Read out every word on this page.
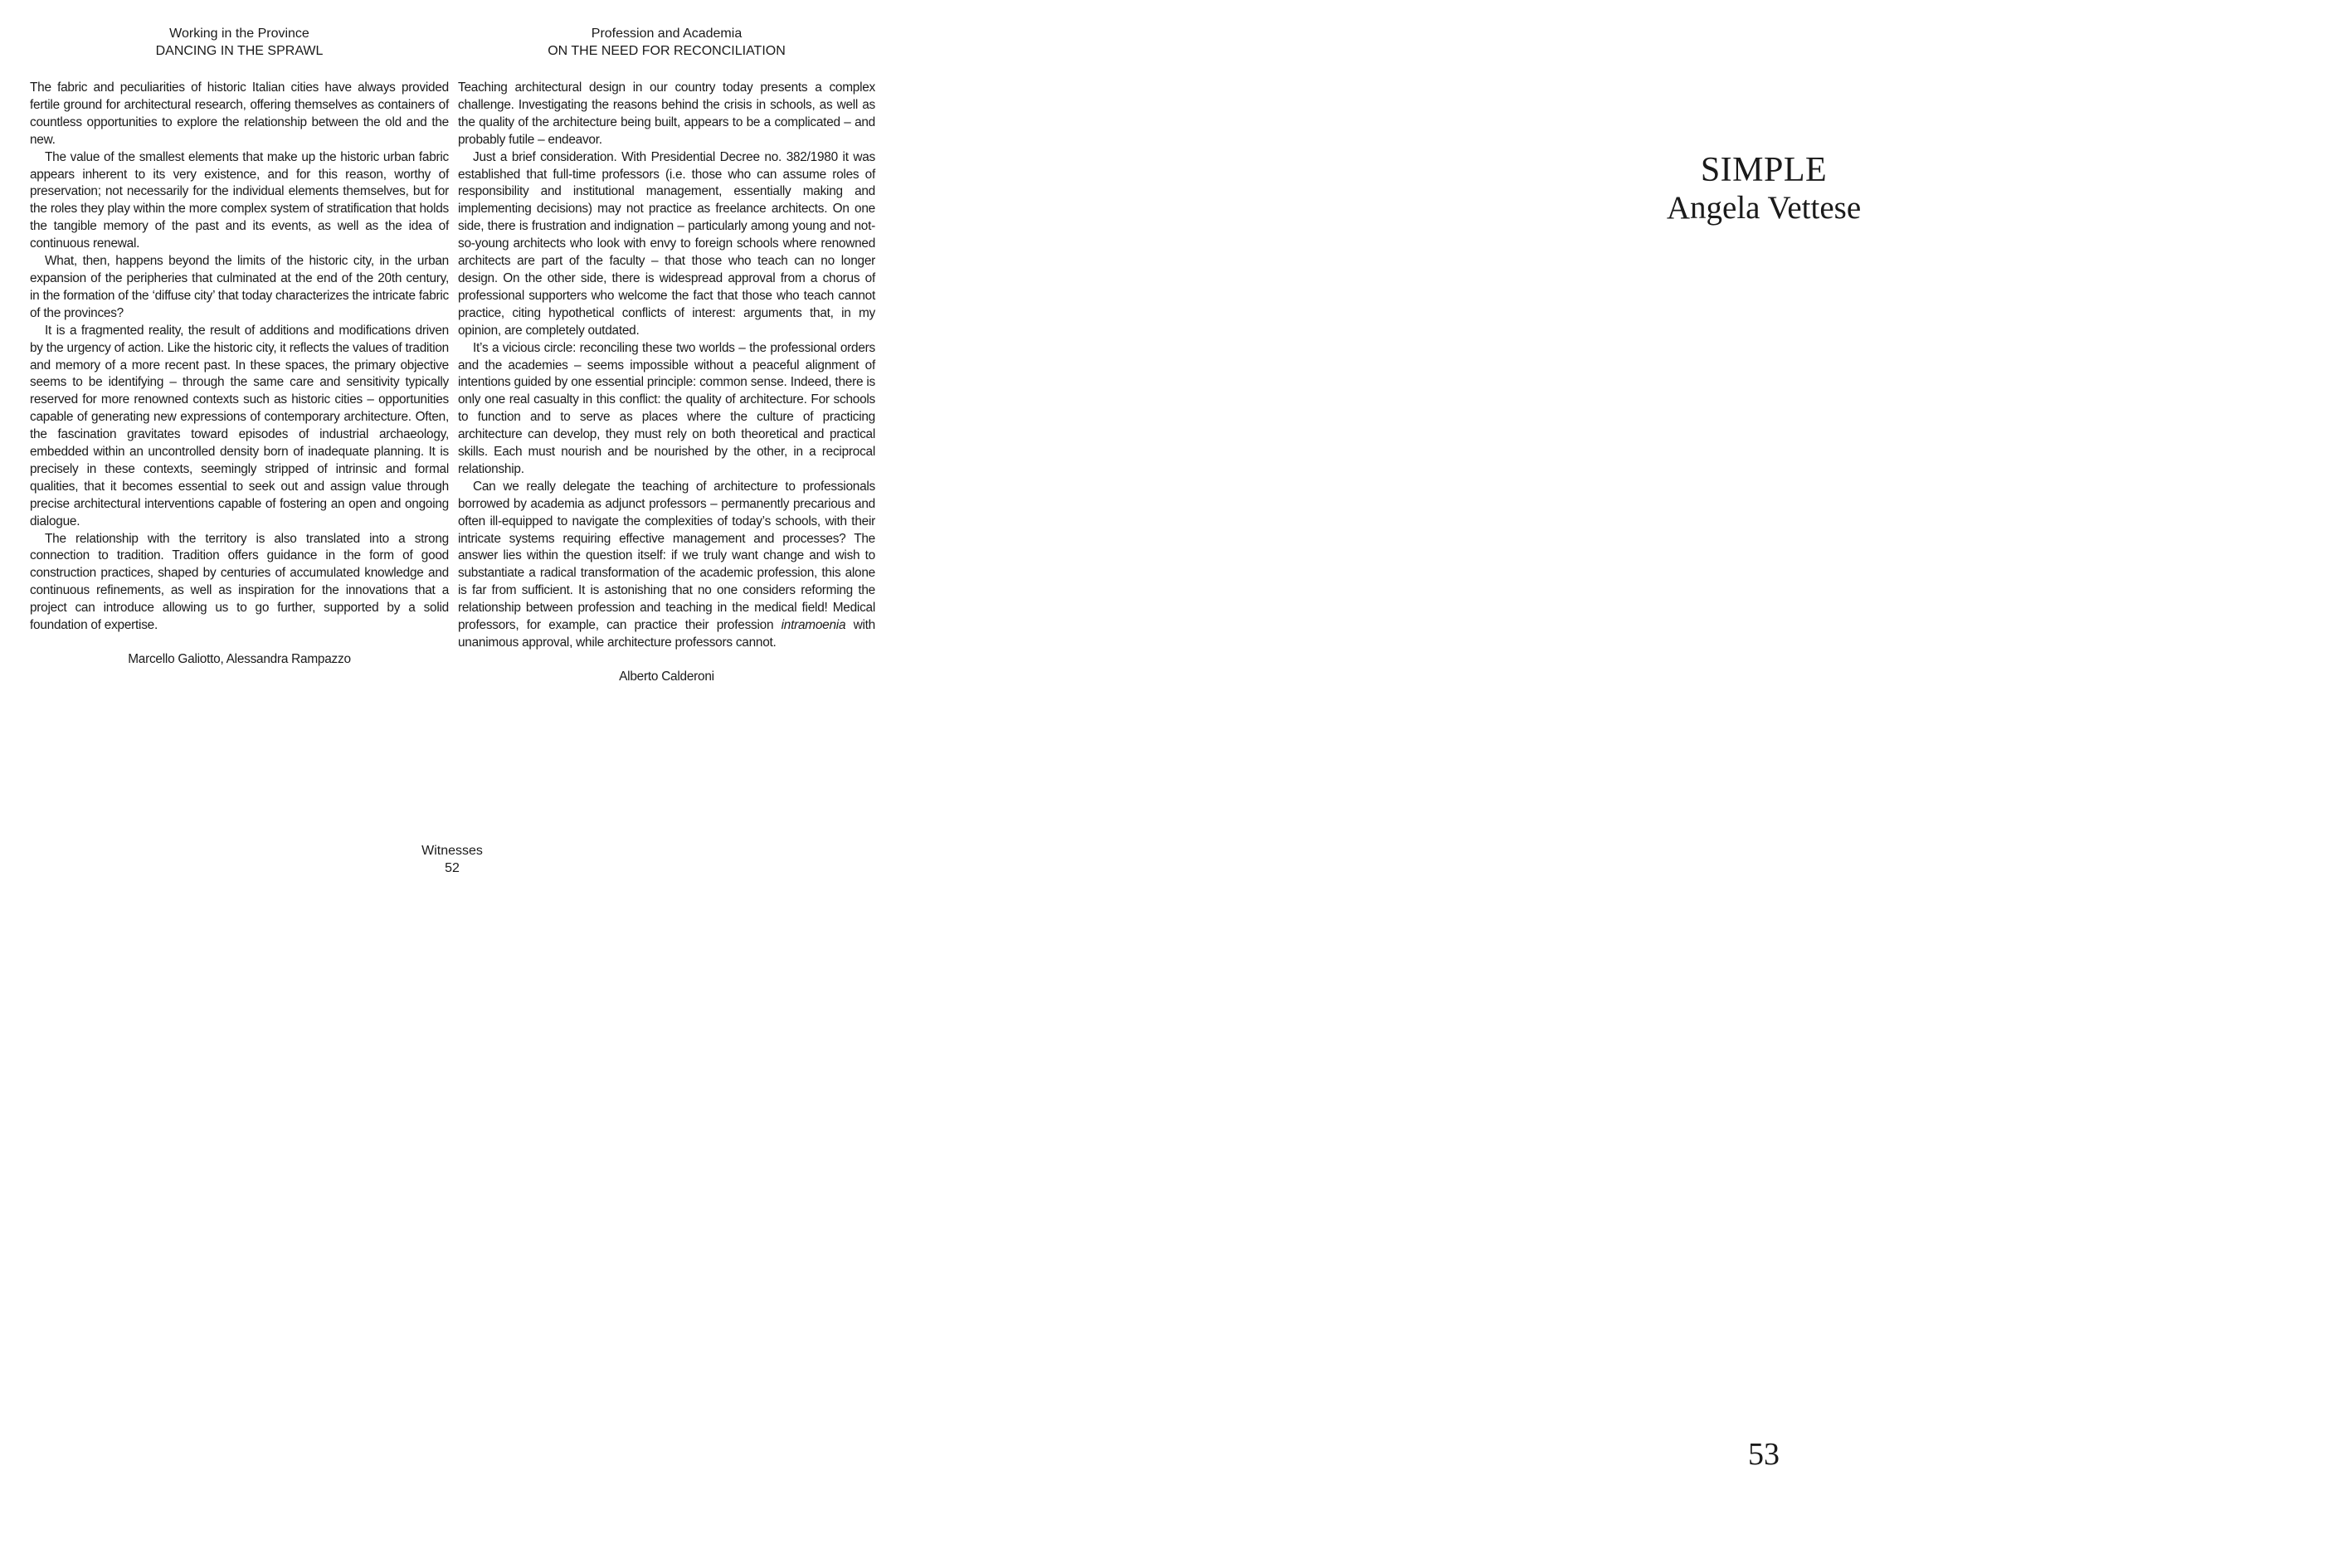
Working in the Province
DANCING IN THE SPRAWL

The fabric and peculiarities of historic Italian cities have always provided fertile ground for architectural research, offering themselves as containers of countless opportunities to explore the relationship between the old and the new.

The value of the smallest elements that make up the historic urban fabric appears inherent to its very existence, and for this reason, worthy of preservation; not necessarily for the individual elements themselves, but for the roles they play within the more complex system of stratification that holds the tangible memory of the past and its events, as well as the idea of continuous renewal.

What, then, happens beyond the limits of the historic city, in the urban expansion of the peripheries that culminated at the end of the 20th century, in the formation of the ‘diffuse city’ that today characterizes the intricate fabric of the provinces?

It is a fragmented reality, the result of additions and modifications driven by the urgency of action. Like the historic city, it reflects the values of tradition and memory of a more recent past. In these spaces, the primary objective seems to be identifying – through the same care and sensitivity typically reserved for more renowned contexts such as historic cities – opportunities capable of generating new expressions of contemporary architecture. Often, the fascination gravitates toward episodes of industrial archaeology, embedded within an uncontrolled density born of inadequate planning. It is precisely in these contexts, seemingly stripped of intrinsic and formal qualities, that it becomes essential to seek out and assign value through precise architectural interventions capable of fostering an open and ongoing dialogue.

The relationship with the territory is also translated into a strong connection to tradition. Tradition offers guidance in the form of good construction practices, shaped by centuries of accumulated knowledge and continuous refinements, as well as inspiration for the innovations that a project can introduce allowing us to go further, supported by a solid foundation of expertise.

Marcello Galiotto, Alessandra Rampazzo

Profession and Academia
ON THE NEED FOR RECONCILIATION

Teaching architectural design in our country today presents a complex challenge. Investigating the reasons behind the crisis in schools, as well as the quality of the architecture being built, appears to be a complicated – and probably futile – endeavor.

Just a brief consideration. With Presidential Decree no. 382/1980 it was established that full-time professors (i.e. those who can assume roles of responsibility and institutional management, essentially making and implementing decisions) may not practice as freelance architects. On one side, there is frustration and indignation – particularly among young and not-so-young architects who look with envy to foreign schools where renowned architects are part of the faculty – that those who teach can no longer design. On the other side, there is widespread approval from a chorus of professional supporters who welcome the fact that those who teach cannot practice, citing hypothetical conflicts of interest: arguments that, in my opinion, are completely outdated.

It’s a vicious circle: reconciling these two worlds – the professional orders and the academies – seems impossible without a peaceful alignment of intentions guided by one essential principle: common sense. Indeed, there is only one real casualty in this conflict: the quality of architecture. For schools to function and to serve as places where the culture of practicing architecture can develop, they must rely on both theoretical and practical skills. Each must nourish and be nourished by the other, in a reciprocal relationship.

Can we really delegate the teaching of architecture to professionals borrowed by academia as adjunct professors – permanently precarious and often ill-equipped to navigate the complexities of today’s schools, with their intricate systems requiring effective management and processes? The answer lies within the question itself: if we truly want change and wish to substantiate a radical transformation of the academic profession, this alone is far from sufficient. It is astonishing that no one considers reforming the relationship between profession and teaching in the medical field! Medical professors, for example, can practice their profession intramoenia with unanimous approval, while architecture professors cannot.

Alberto Calderoni

Witnesses
52
SIMPLE
Angela Vettese
53
